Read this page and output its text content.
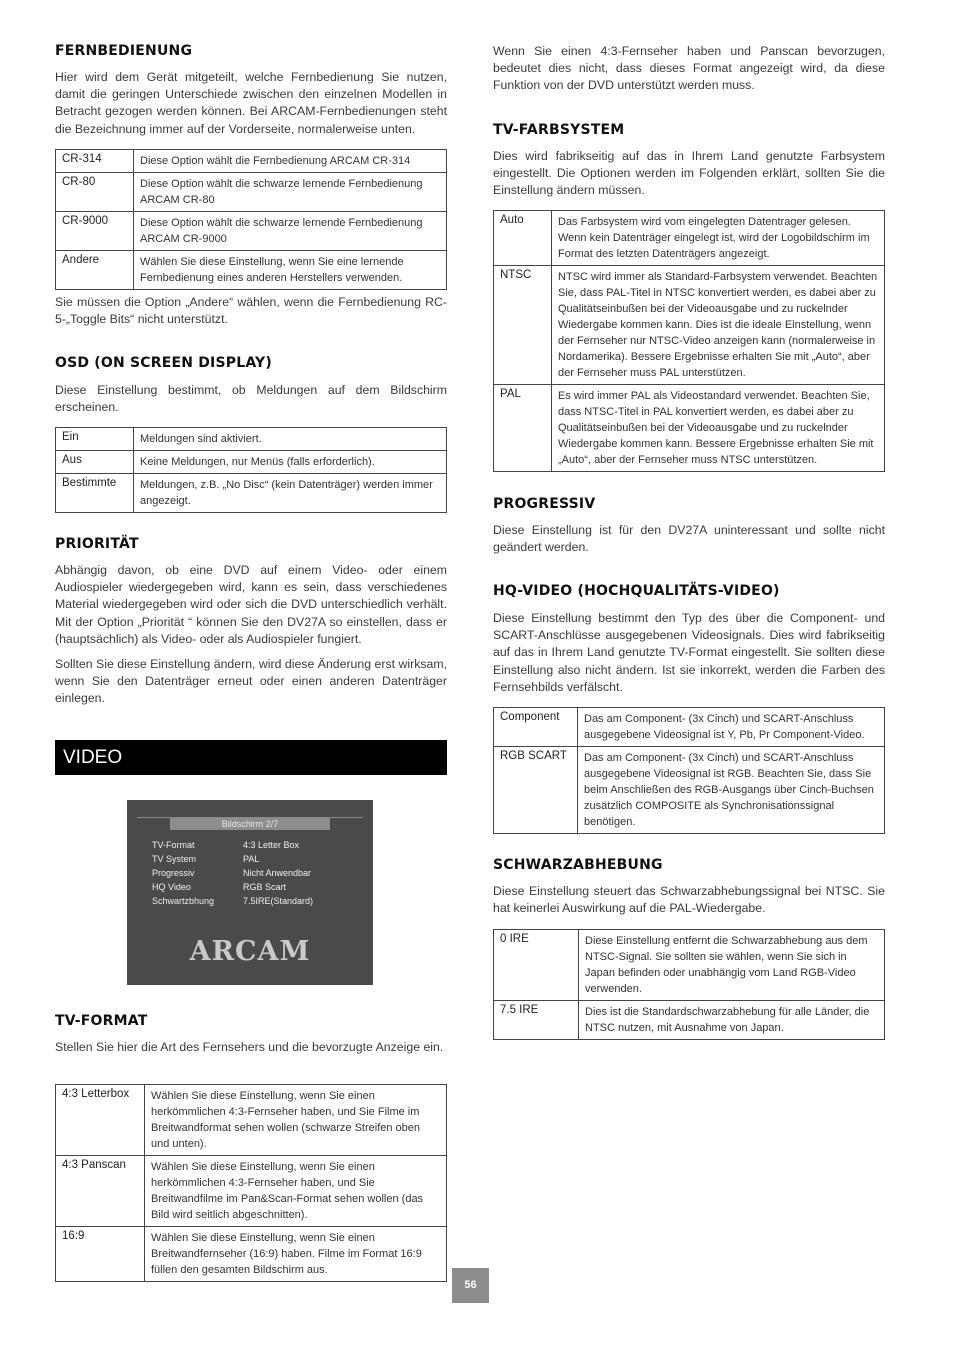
FERNBEDIENUNG

Hier wird dem Gerät mitgeteilt, welche Fernbedienung Sie nutzen, damit die geringen Unterschiede zwischen den einzelnen Modellen in Betracht gezogen werden können. Bei ARCAM-Fernbedienungen steht die Bezeichnung immer auf der Vorderseite, normalerweise unten.

CR-314	Diese Option wählt die Fernbedienung ARCAM CR-314
CR-80	Diese Option wählt die schwarze lernende Fernbedienung ARCAM CR-80
CR-9000	Diese Option wählt die schwarze lernende Fernbedienung ARCAM CR-9000
Andere	Wählen Sie diese Einstellung, wenn Sie eine lernende Fernbedienung eines anderen Herstellers verwenden.

Sie müssen die Option „Andere“ wählen, wenn die Fernbedienung RC-5-„Toggle Bits“ nicht unterstützt.

OSD (ON SCREEN DISPLAY)

Diese Einstellung bestimmt, ob Meldungen auf dem Bildschirm erscheinen.

Ein	Meldungen sind aktiviert.
Aus	Keine Meldungen, nur Menüs (falls erforderlich).
Bestimmte	Meldungen, z.B. „No Disc“ (kein Datenträger) werden immer angezeigt.
PRIORITÄT

Abhängig davon, ob eine DVD auf einem Video- oder einem Audiospieler wiedergegeben wird, kann es sein, dass verschiedenes Material wiedergegeben wird oder sich die DVD unterschiedlich verhält. Mit der Option „Priorität “ können Sie den DV27A so einstellen, dass er (hauptsächlich) als Video- oder als Audiospieler fungiert.

Sollten Sie diese Einstellung ändern, wird diese Änderung erst wirksam, wenn Sie den Datenträger erneut oder einen anderen Datenträger einlegen.

VIDEO
Bildschirm 2/7
TV-Format	4:3 Letter Box
TV System	PAL
Progressiv	Nicht Anwendbar
HQ Video	RGB Scart
Schwartzbhung	7.5IRE(Standard)
ARCAM
TV-FORMAT

Stellen Sie hier die Art des Fernsehers und die bevorzugte Anzeige ein.

4:3 Letterbox	Wählen Sie diese Einstellung, wenn Sie einen herkömmlichen 4:3-Fernseher haben, und Sie Filme im Breitwandformat sehen wollen (schwarze Streifen oben und unten).
4:3 Panscan	Wählen Sie diese Einstellung, wenn Sie einen herkömmlichen 4:3-Fernseher haben, und Sie Breitwandfilme im Pan&Scan-Format sehen wollen (das Bild wird seitlich abgeschnitten).
16:9	Wählen Sie diese Einstellung, wenn Sie einen Breitwandfernseher (16:9) haben. Filme im Format 16:9 füllen den gesamten Bildschirm aus.

Wenn Sie einen 4:3-Fernseher haben und Panscan bevorzugen, bedeutet dies nicht, dass dieses Format angezeigt wird, da diese Funktion von der DVD unterstützt werden muss.

TV-FARBSYSTEM

Dies wird fabrikseitig auf das in Ihrem Land genutzte Farbsystem eingestellt. Die Optionen werden im Folgenden erklärt, sollten Sie die Einstellung ändern müssen.

Auto	Das Farbsystem wird vom eingelegten Datentrager gelesen. Wenn kein Datenträger eingelegt ist, wird der Logobildschirm im Format des letzten Datenträgers angezeigt.
NTSC	NTSC wird immer als Standard-Farbsystem verwendet. Beachten Sie, dass PAL-Titel in NTSC konvertiert werden, es dabei aber zu Qualitätseinbußen bei der Videoausgabe und zu ruckelnder Wiedergabe kommen kann. Dies ist die ideale Einstellung, wenn der Fernseher nur NTSC-Video anzeigen kann (normalerweise in Nordamerika). Bessere Ergebnisse erhalten Sie mit „Auto“, aber der Fernseher muss PAL unterstützen.
PAL	Es wird immer PAL als Videostandard verwendet. Beachten Sie, dass NTSC-Titel in PAL konvertiert werden, es dabei aber zu Qualitätseinbußen bei der Videoausgabe und zu ruckelnder Wiedergabe kommen kann. Bessere Ergebnisse erhalten Sie mit „Auto“, aber der Fernseher muss NTSC unterstützen.
PROGRESSIV

Diese Einstellung ist für den DV27A uninteressant und sollte nicht geändert werden.

HQ-VIDEO (HOCHQUALITÄTS-VIDEO)

Diese Einstellung bestimmt den Typ des über die Component- und SCART-Anschlüsse ausgegebenen Videosignals. Dies wird fabrikseitig auf das in Ihrem Land genutzte TV-Format eingestellt. Sie sollten diese Einstellung also nicht ändern. Ist sie inkorrekt, werden die Farben des Fernsehbilds verfälscht.

Component	Das am Component- (3x Cinch) und SCART-Anschluss ausgegebene Videosignal ist Y, Pb, Pr Component-Video.
RGB SCART	Das am Component- (3x Cinch) und SCART-Anschluss ausgegebene Videosignal ist RGB. Beachten Sie, dass Sie beim Anschließen des RGB-Ausgangs über Cinch-Buchsen zusätzlich COMPOSITE als Synchronisationssignal benötigen.
SCHWARZABHEBUNG

Diese Einstellung steuert das Schwarzabhebungssignal bei NTSC. Sie hat keinerlei Auswirkung auf die PAL-Wiedergabe.

0 IRE	Diese Einstellung entfernt die Schwarzabhebung aus dem NTSC-Signal. Sie sollten sie wählen, wenn Sie sich in Japan befinden oder unabhängig vom Land RGB-Video verwenden.
7.5 IRE	Dies ist die Standardschwarzabhebung für alle Länder, die NTSC nutzen, mit Ausnahme von Japan.
56
